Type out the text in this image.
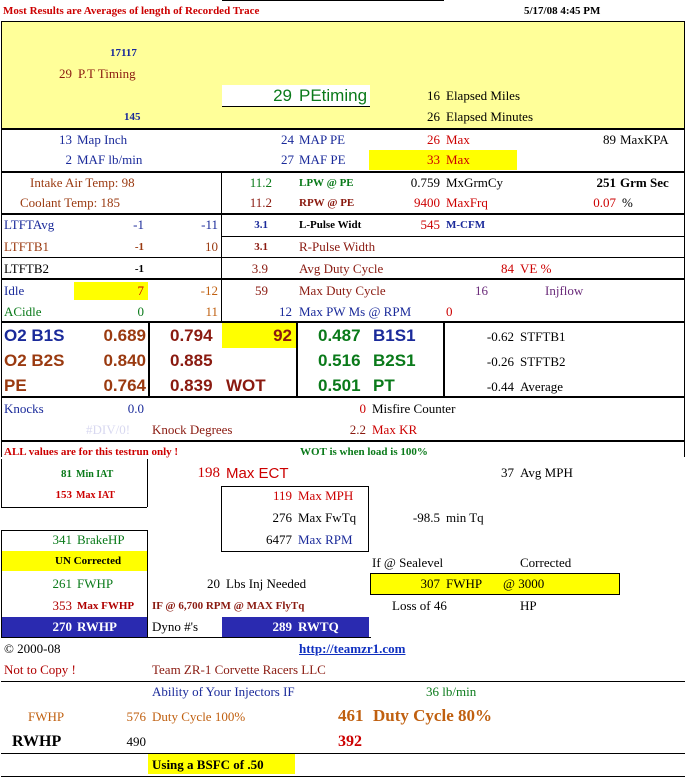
Most Results are Averages of length of Recorded Trace	5/17/08 4:45 PM
17117
29 P.T Timing
29 PEtiming	16 Elapsed Miles
145	26 Elapsed Minutes
13 Map Inch
2 MAF lb/min
24 MAP PE
27 MAF PE
26 Max
33 Max
89 MaxKPA
Intake Air Temp: 98
Coolant Temp: 185
11.2 LPW @ PE
11.2 RPW @ PE
0.759 MxGrmCy
9400 MaxFrq
251 Grm Sec
0.07 %
LTFTAvg	-1	-11
LTFTB1	-1	10
LTFTB2	-1
Idle	7	-12
ACidle	0	11
3.1	L-Pulse Widt	545 M-CFM
3.1 R-Pulse Width
3.9 Avg Duty Cycle	84 VE %
59 Max Duty Cycle	16	Injflow
12 Max PW Ms @ RPM	0
O2 B1S	0.689 0.794	92 0.487 B1S1	-0.62 STFTB1
O2 B2S	0.840 0.885	0.516 B2S1	-0.26 STFTB2
PE	0.764 0.839 WOT	0.501 PT	-0.44 Average
Knocks	0.0	0 Misfire Counter
#DIV/0! Knock Degrees	2.2 Max KR
ALL values are for this testrun only !	WOT is when load is 100%
81 Min IAT
153 Max IAT
198 Max ECT	37 Avg MPH
119 Max MPH
276 Max FwTq	-98.5 min Tq
6477 Max RPM
341 BrakeHP
UN Corrected
261 FWHP	20 Lbs Inj Needed
If @ Sealevel	Corrected
307 FWHP @ 3000
353 Max FWHP IF @ 6,700 RPM @ MAX FlyTq	Loss of 46	HP
270 RWHP	Dyno #'s	289 RWTQ
© 2000-08	http://teamzr1.com
Not to Copy !	Team ZR-1 Corvette Racers LLC
Ability of Your Injectors IF	36 lb/min
FWHP	576 Duty Cycle 100%	461 Duty Cycle 80%
RWHP	490	392
Using a BSFC of .50
